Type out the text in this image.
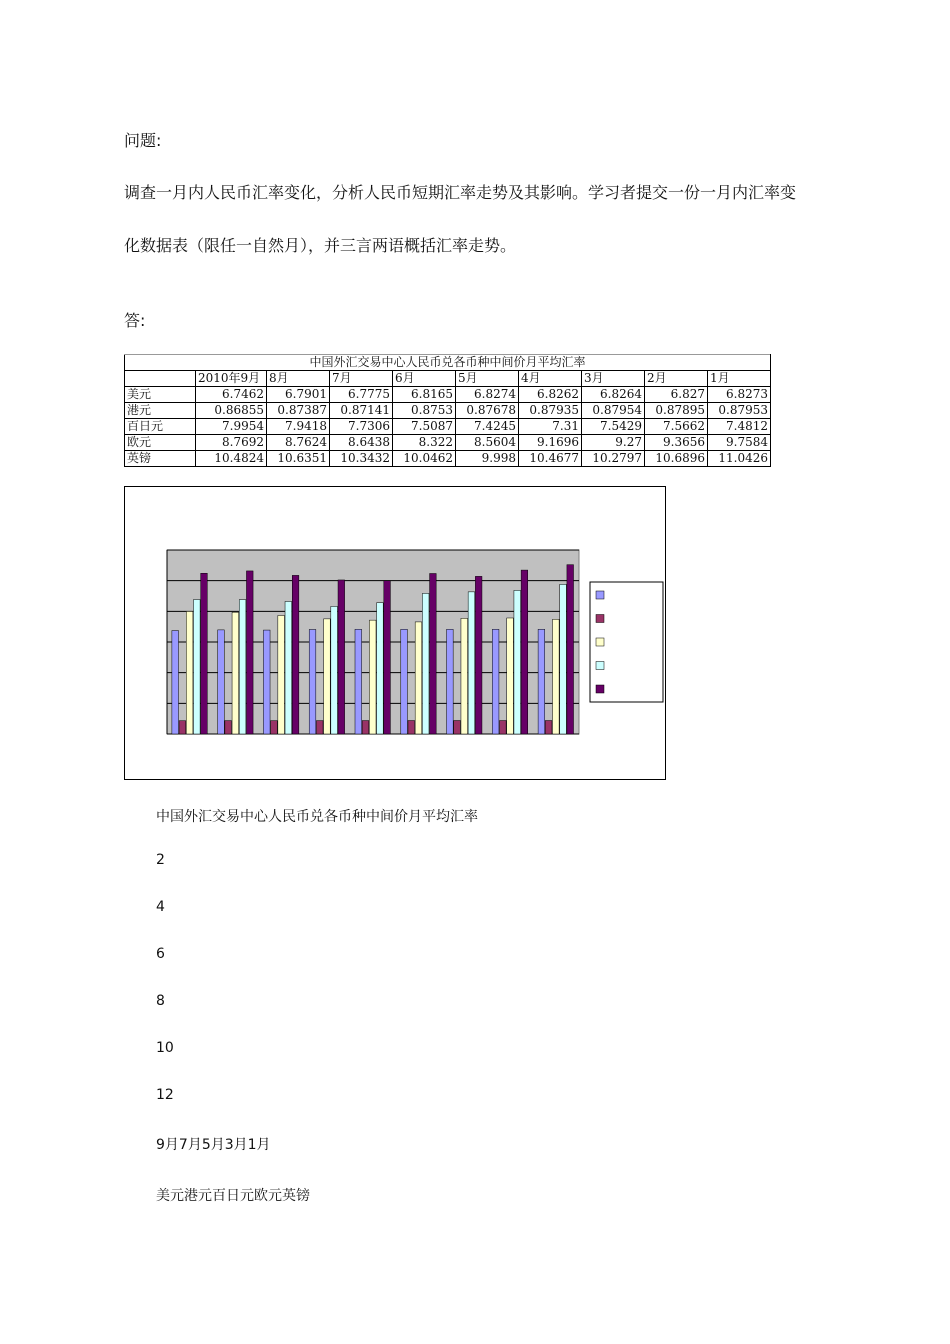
问题:

调查一月内人民币汇率变化，分析人民币短期汇率走势及其影响。学习者提交一份一月内汇率变

化数据表（限任一自然月），并三言两语概括汇率走势。

答:

中国外汇交易中心人民币兑各币种中间价月平均汇率									
	2010年9月	8月	7月	6月	5月	4月	3月	2月	1月
美元	6.7462	6.7901	6.7775	6.8165	6.8274	6.8262	6.8264	6.827	6.8273
港元	0.86855	0.87387	0.87141	0.8753	0.87678	0.87935	0.87954	0.87895	0.87953
百日元	7.9954	7.9418	7.7306	7.5087	7.4245	7.31	7.5429	7.5662	7.4812
欧元	8.7692	8.7624	8.6438	8.322	8.5604	9.1696	9.27	9.3656	9.7584
英镑	10.4824	10.6351	10.3432	10.0462	9.998	10.4677	10.2797	10.6896	11.0426

中国外汇交易中心人民币兑各币种中间价月平均汇率

2

4

6

8

10

12

9月7月5月3月1月

美元港元百日元欧元英镑
